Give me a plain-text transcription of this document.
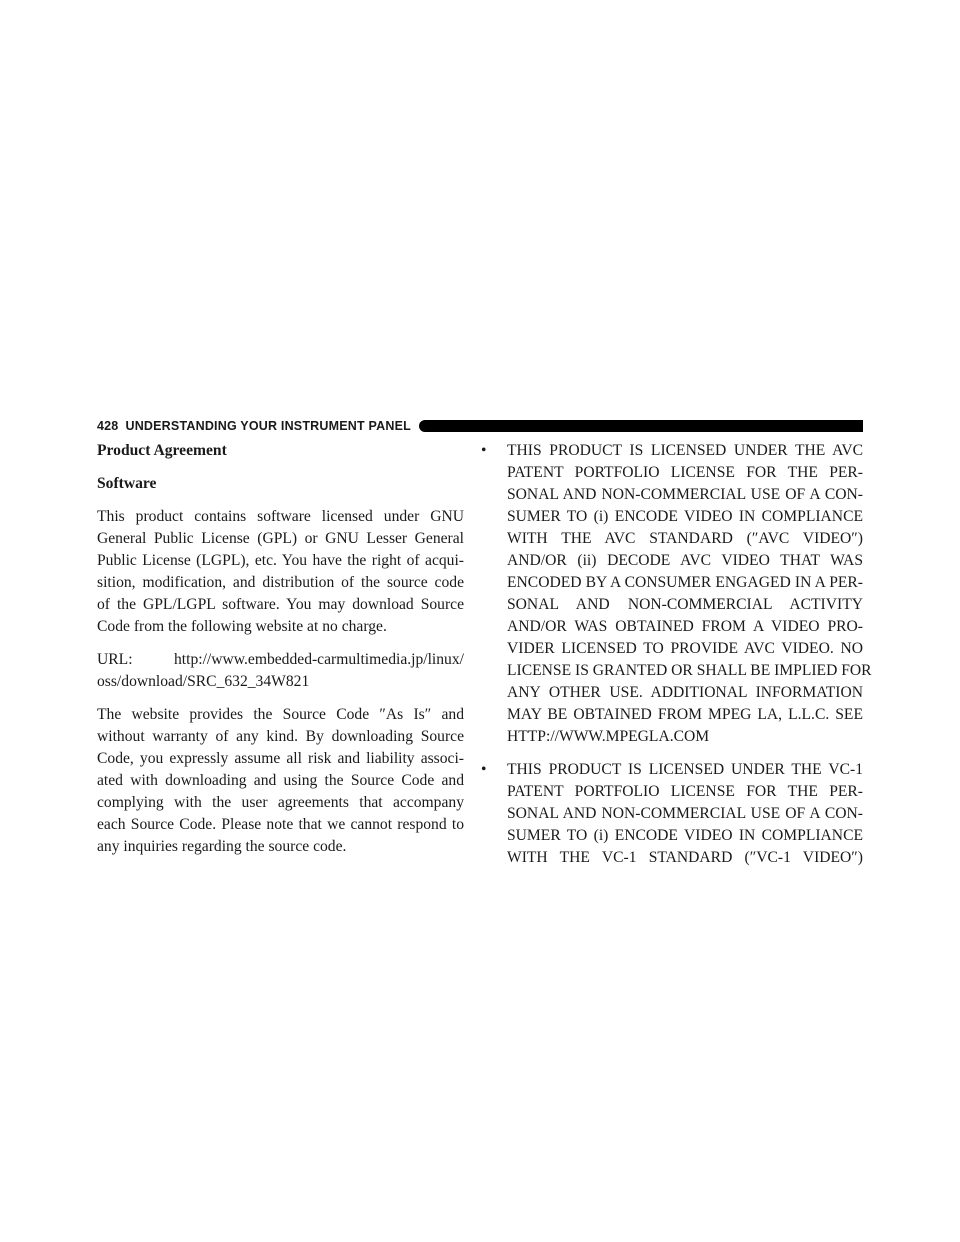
428 UNDERSTANDING YOUR INSTRUMENT PANEL
Product Agreement
Software
This product contains software licensed under GNU
General Public License (GPL) or GNU Lesser General
Public License (LGPL), etc. You have the right of acqui-
sition, modification, and distribution of the source code
of the GPL/LGPL software. You may download Source
Code from the following website at no charge.
URL: http://www.embedded-carmultimedia.jp/linux/
oss/download/SRC_632_34W821
The website provides the Source Code ″As Is″ and
without warranty of any kind. By downloading Source
Code, you expressly assume all risk and liability associ-
ated with downloading and using the Source Code and
complying with the user agreements that accompany
each Source Code. Please note that we cannot respond to
any inquiries regarding the source code.
• THIS PRODUCT IS LICENSED UNDER THE AVC
PATENT PORTFOLIO LICENSE FOR THE PER-
SONAL AND NON-COMMERCIAL USE OF A CON-
SUMER TO (i) ENCODE VIDEO IN COMPLIANCE
WITH THE AVC STANDARD (″AVC VIDEO″)
AND/OR (ii) DECODE AVC VIDEO THAT WAS
ENCODED BY A CONSUMER ENGAGED IN A PER-
SONAL AND NON-COMMERCIAL ACTIVITY
AND/OR WAS OBTAINED FROM A VIDEO PRO-
VIDER LICENSED TO PROVIDE AVC VIDEO. NO
LICENSE IS GRANTED OR SHALL BE IMPLIED FOR
ANY OTHER USE. ADDITIONAL INFORMATION
MAY BE OBTAINED FROM MPEG LA, L.L.C. SEE
HTTP://WWW.MPEGLA.COM
• THIS PRODUCT IS LICENSED UNDER THE VC-1
PATENT PORTFOLIO LICENSE FOR THE PER-
SONAL AND NON-COMMERCIAL USE OF A CON-
SUMER TO (i) ENCODE VIDEO IN COMPLIANCE
WITH THE VC-1 STANDARD (″VC-1 VIDEO″)
